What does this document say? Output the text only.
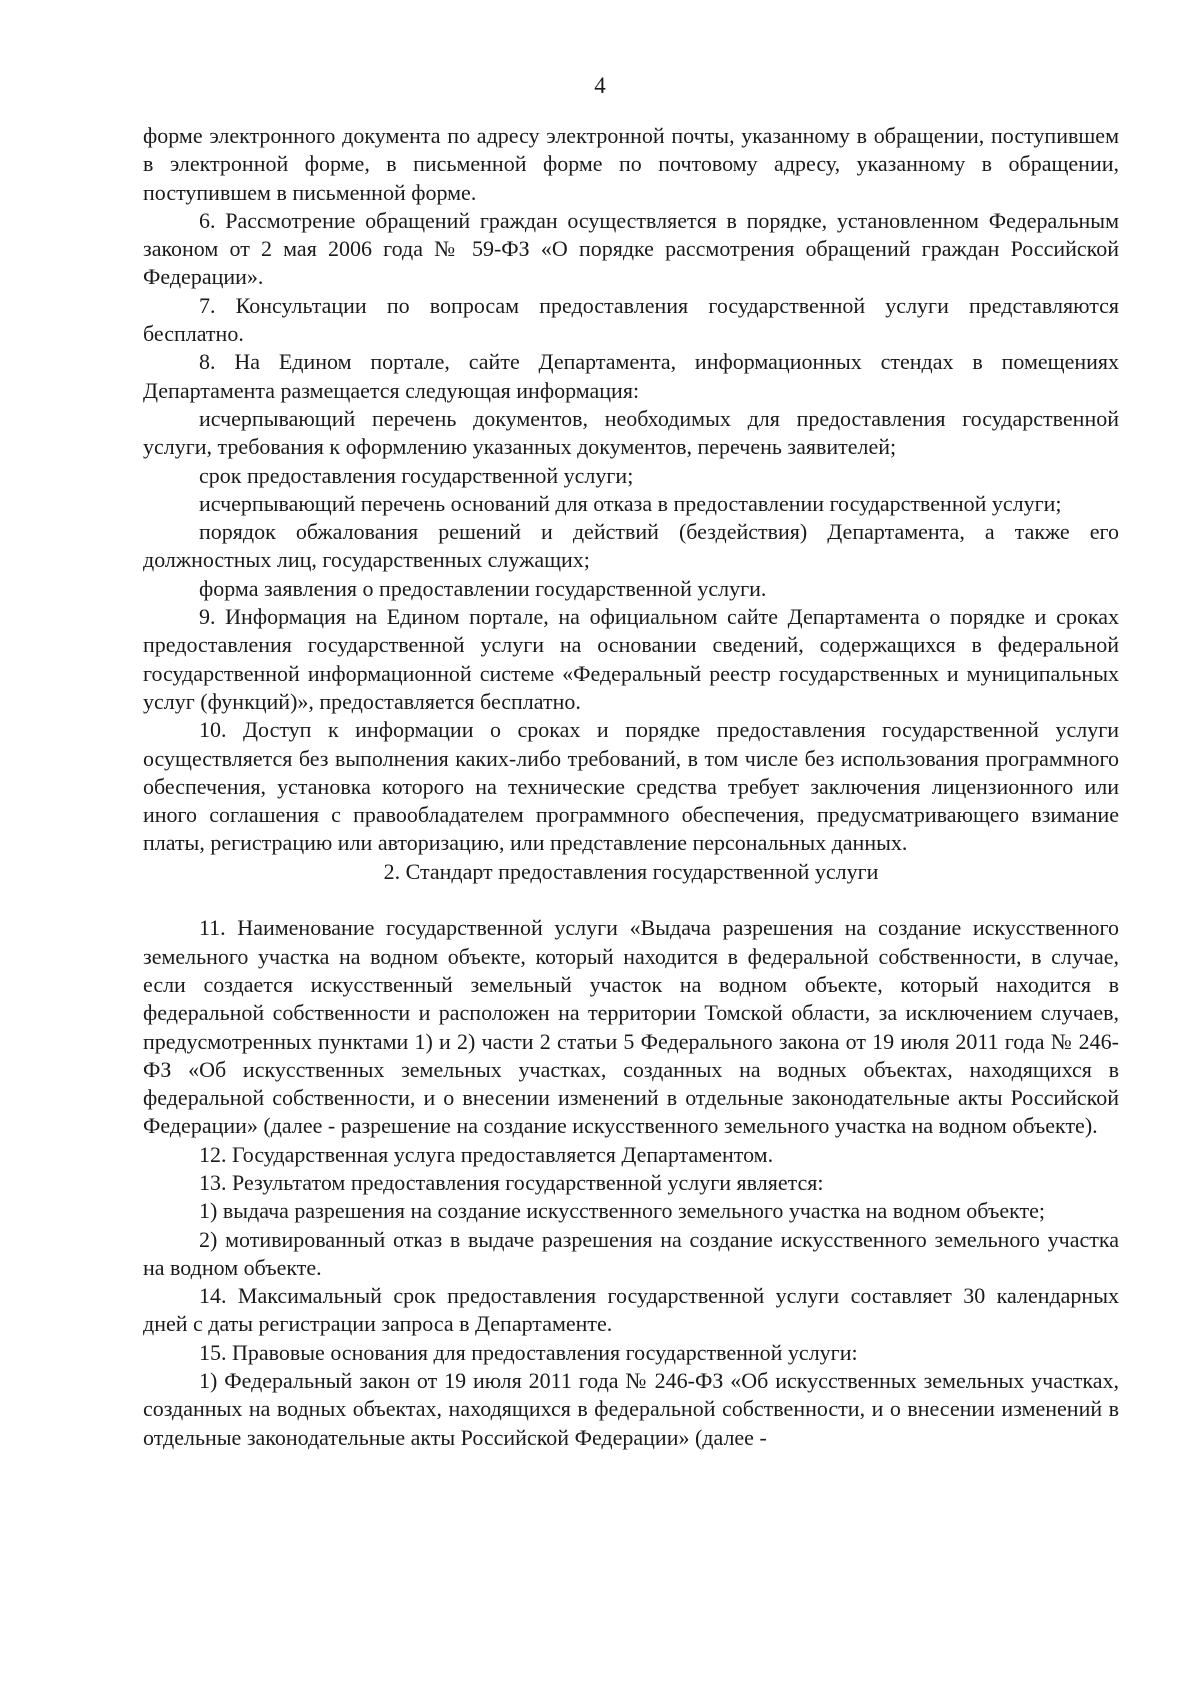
4

форме электронного документа по адресу электронной почты, указанному в обращении, поступившем в электронной форме, в письменной форме по почтовому адресу, указанному в обращении, поступившем в письменной форме.

6. Рассмотрение обращений граждан осуществляется в порядке, установленном Федеральным законом от 2 мая 2006 года № 59-ФЗ «О порядке рассмотрения обращений граждан Российской Федерации».

7. Консультации по вопросам предоставления государственной услуги представляются бесплатно.

8. На Едином портале, сайте Департамента, информационных стендах в помещениях Департамента размещается следующая информация:

исчерпывающий перечень документов, необходимых для предоставления государственной услуги, требования к оформлению указанных документов, перечень заявителей;

срок предоставления государственной услуги;

исчерпывающий перечень оснований для отказа в предоставлении государственной услуги;

порядок обжалования решений и действий (бездействия) Департамента, а также его должностных лиц, государственных служащих;

форма заявления о предоставлении государственной услуги.

9. Информация на Едином портале, на официальном сайте Департамента о порядке и сроках предоставления государственной услуги на основании сведений, содержащихся в федеральной государственной информационной системе «Федеральный реестр государственных и муниципальных услуг (функций)», предоставляется бесплатно.

10. Доступ к информации о сроках и порядке предоставления государственной услуги осуществляется без выполнения каких-либо требований, в том числе без использования программного обеспечения, установка которого на технические средства требует заключения лицензионного или иного соглашения с правообладателем программного обеспечения, предусматривающего взимание платы, регистрацию или авторизацию, или представление персональных данных.

2. Стандарт предоставления государственной услуги

11. Наименование государственной услуги «Выдача разрешения на создание искусственного земельного участка на водном объекте, который находится в федеральной собственности, в случае, если создается искусственный земельный участок на водном объекте, который находится в федеральной собственности и расположен на территории Томской области, за исключением случаев, предусмотренных пунктами 1) и 2) части 2 статьи 5 Федерального закона от 19 июля 2011 года № 246-ФЗ «Об искусственных земельных участках, созданных на водных объектах, находящихся в федеральной собственности, и о внесении изменений в отдельные законодательные акты Российской Федерации» (далее - разрешение на создание искусственного земельного участка на водном объекте).

12. Государственная услуга предоставляется Департаментом.

13. Результатом предоставления государственной услуги является:

1) выдача разрешения на создание искусственного земельного участка на водном объекте;

2) мотивированный отказ в выдаче разрешения на создание искусственного земельного участка на водном объекте.

14. Максимальный срок предоставления государственной услуги составляет 30 календарных дней с даты регистрации запроса в Департаменте.

15. Правовые основания для предоставления государственной услуги:

1) Федеральный закон от 19 июля 2011 года № 246-ФЗ «Об искусственных земельных участках, созданных на водных объектах, находящихся в федеральной собственности, и о внесении изменений в отдельные законодательные акты Российской Федерации» (далее -
